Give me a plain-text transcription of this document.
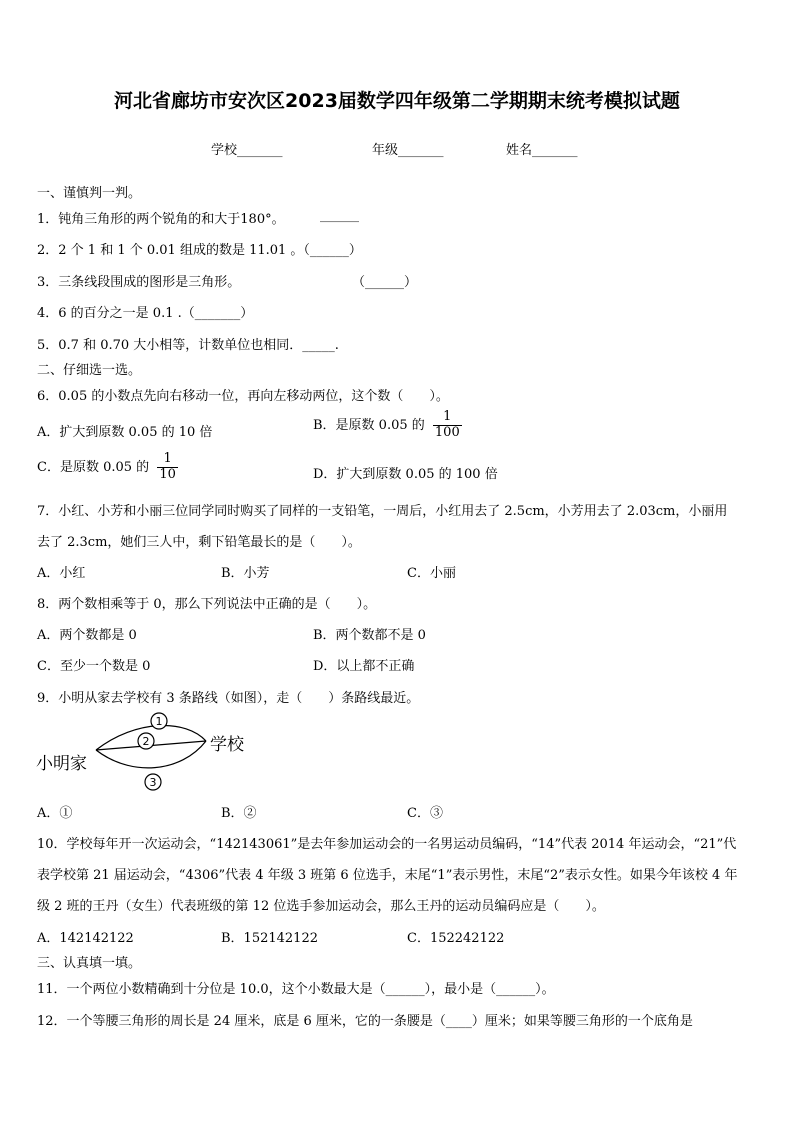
河北省廊坊市安次区2023届数学四年级第二学期期末统考模拟试题
学校_______	年级_______	姓名_______
一、谨慎判一判。
1．钝角三角形的两个锐角的和大于180°。	______
2．2 个 1 和 1 个 0.01 组成的数是 11.01 。（______）
3．三条线段围成的图形是三角形。	（______）
4．6 的百分之一是 0.1 .（_______）
5．0.7 和 0.70 大小相等，计数单位也相同．_____.
二、仔细选一选。
6．0.05 的小数点先向右移动一位，再向左移动两位，这个数（　　）。
A．扩大到原数 0.05 的 10 倍	B．是原数 0.05 的 $\frac{1}{100}$
C．是原数 0.05 的 $\frac{1}{10}$	D．扩大到原数 0.05 的 100 倍
7．小红、小芳和小丽三位同学同时购买了同样的一支铅笔，一周后，小红用去了 2.5cm，小芳用去了 2.03cm，小丽用
去了 2.3cm，她们三人中，剩下铅笔最长的是（　　）。
A．小红	B．小芳	C．小丽
8．两个数相乘等于 0，那么下列说法中正确的是（　　）。
A．两个数都是 0	B．两个数都不是 0
C．至少一个数是 0	D．以上都不正确
9．小明从家去学校有 3 条路线（如图），走（　　）条路线最近。
1
2
3
小明家
学校
A．①	B．②	C．③
10．学校每年开一次运动会，“142143061”是去年参加运动会的一名男运动员编码，“14”代表 2014 年运动会，“21”代
表学校第 21 届运动会，“4306”代表 4 年级 3 班第 6 位选手，末尾“1”表示男性，末尾“2”表示女性。如果今年该校 4 年
级 2 班的王丹（女生）代表班级的第 12 位选手参加运动会，那么王丹的运动员编码应是（　　）。
A．142142122	B．152142122	C．152242122
三、认真填一填。
11．一个两位小数精确到十分位是 10.0，这个小数最大是（______），最小是（______）。
12．一个等腰三角形的周长是 24 厘米，底是 6 厘米，它的一条腰是（____）厘米；如果等腰三角形的一个底角是
